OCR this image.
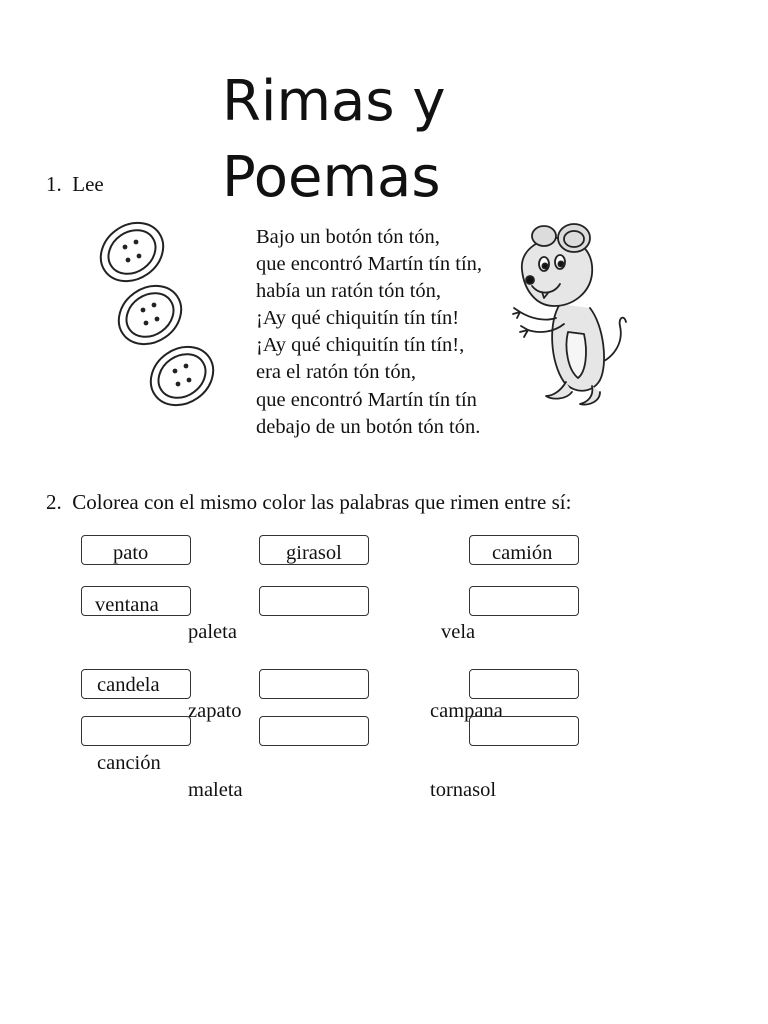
Rimas y
Poemas
1. Lee
Bajo un botón tón tón,
que encontró Martín tín tín,
había un ratón tón tón,
¡Ay qué chiquitín tín tín!
¡Ay qué chiquitín tín tín!,
era el ratón tón tón,
que encontró Martín tín tín
debajo de un botón tón tón.
2. Colorea con el mismo color las palabras que rimen entre sí:
pato	girasol	camión
ventana
paleta	vela
candela
zapato	campana
canción
maleta	tornasol
